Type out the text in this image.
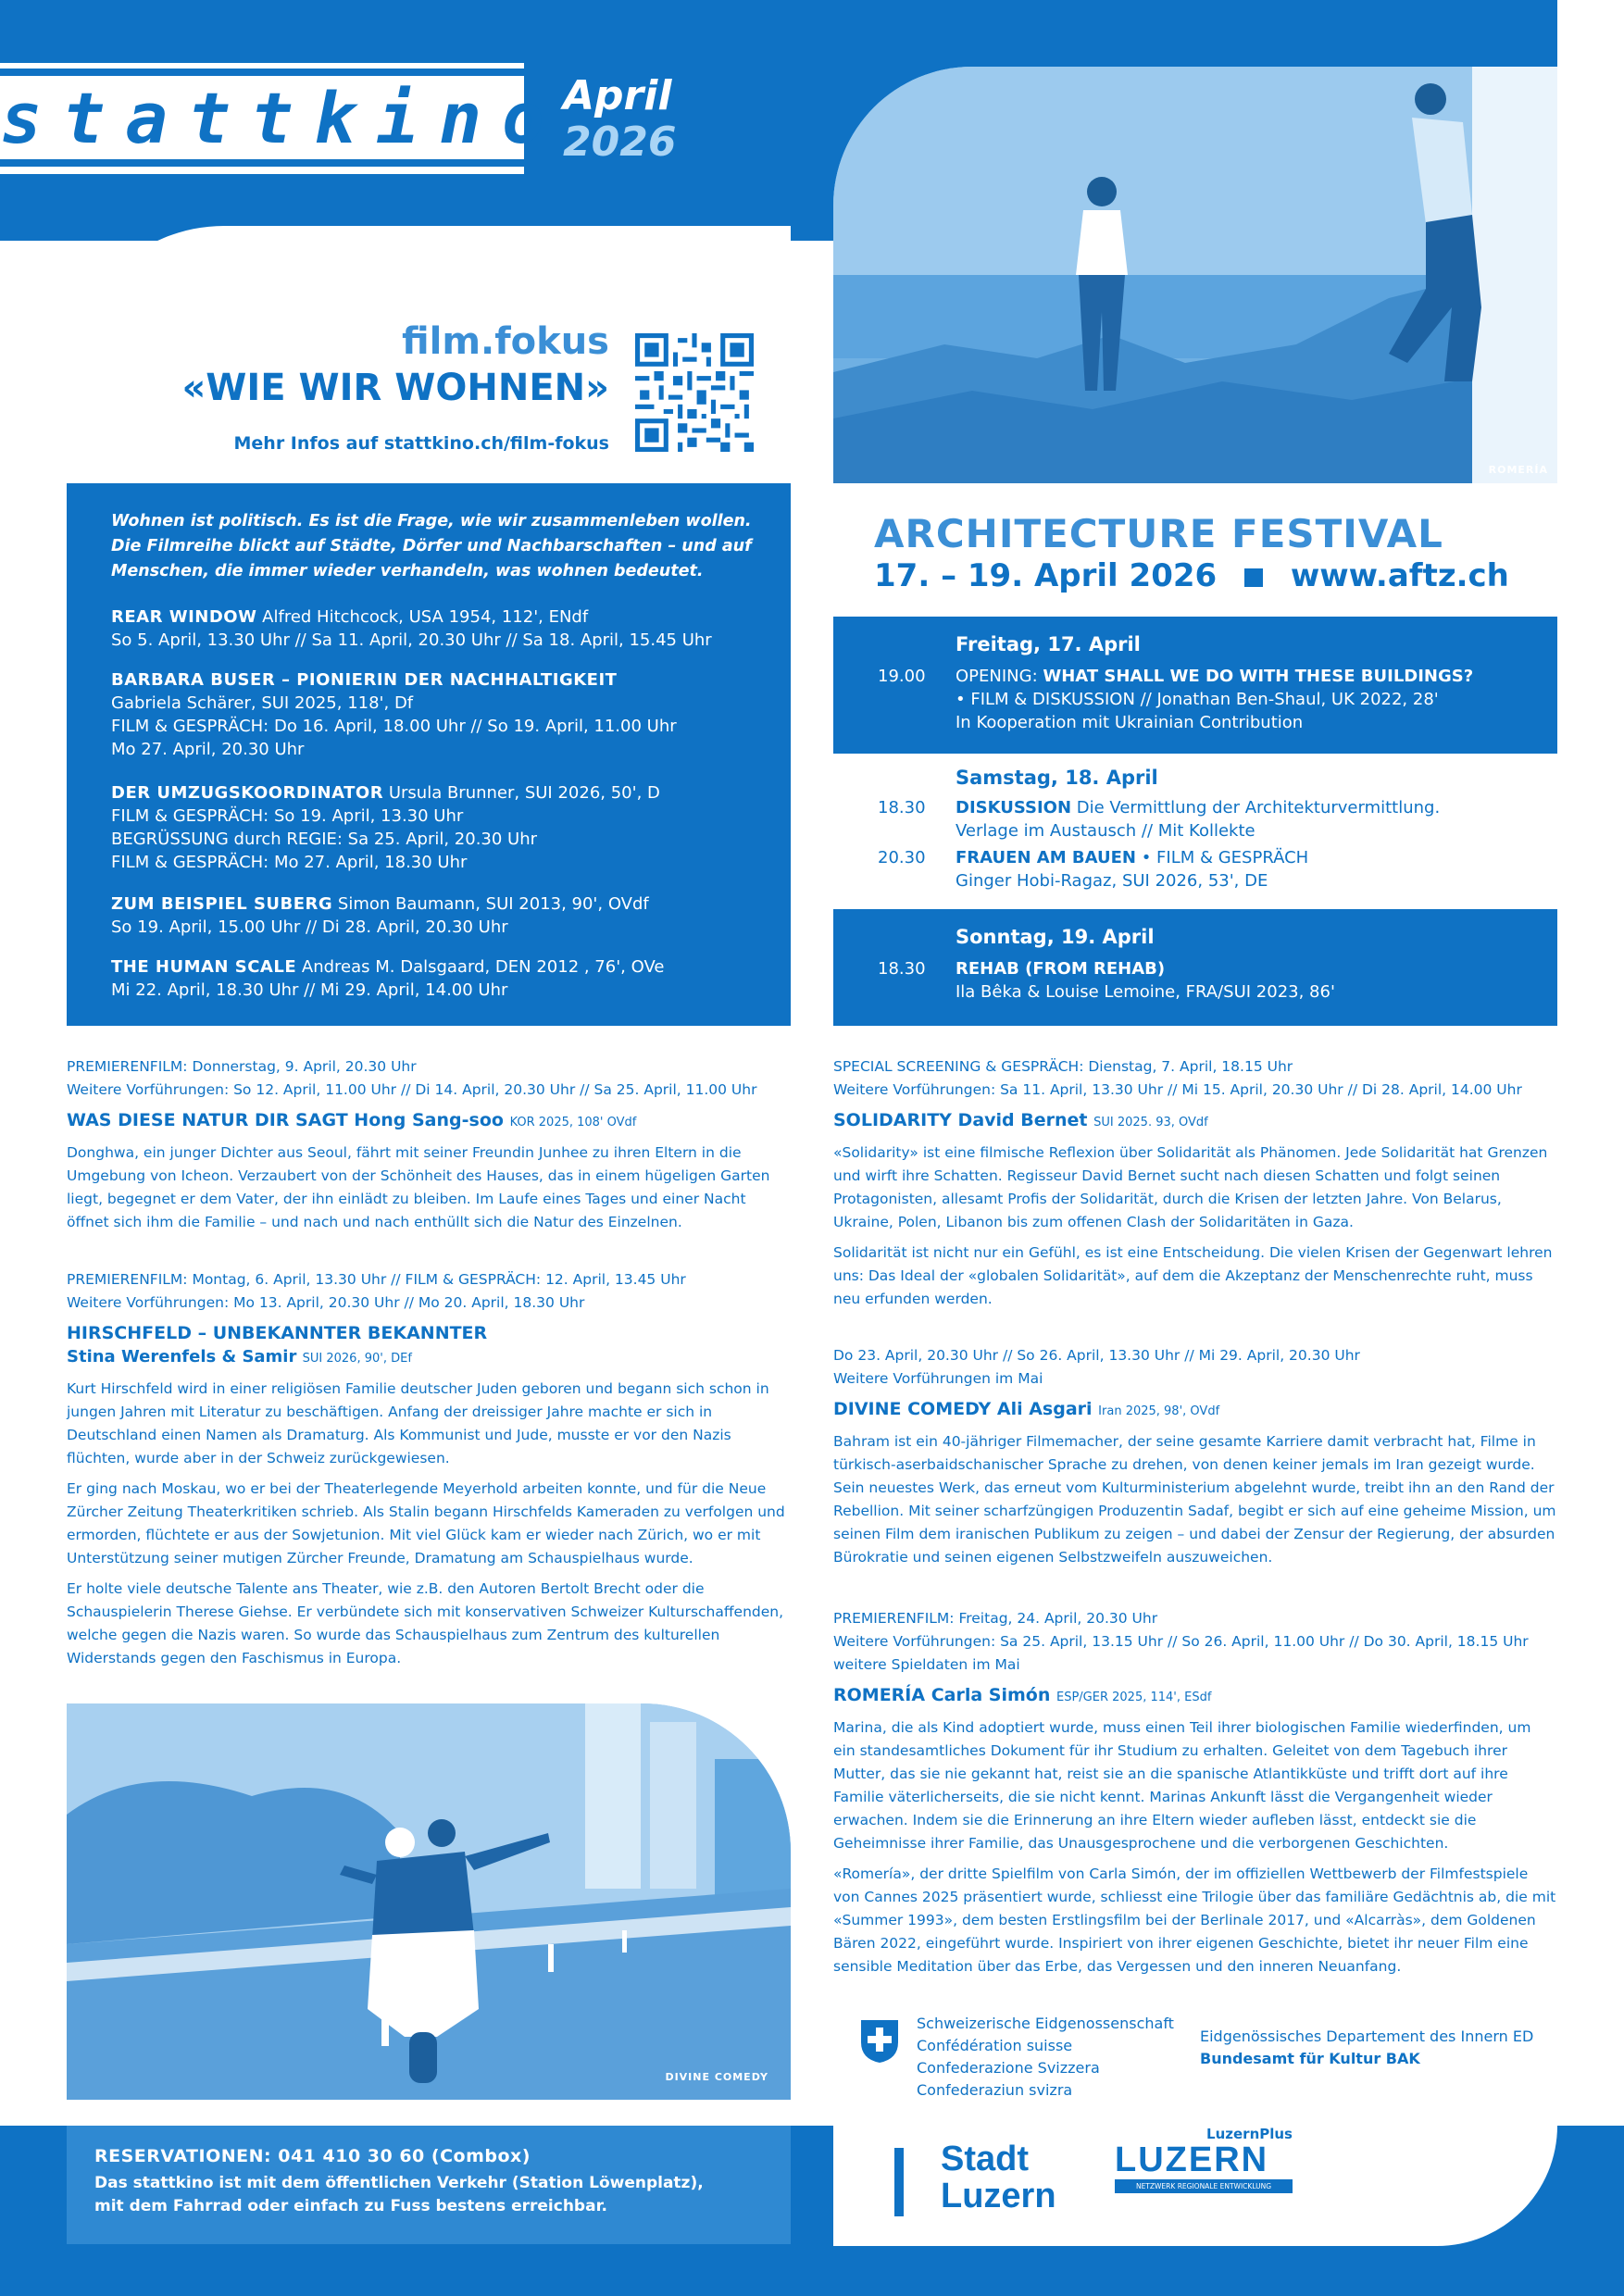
stattkino
April
2026
film.fokus
«WIE WIR WOHNEN»
Mehr Infos auf stattkino.ch/film-fokus
ROMERÍA
Wohnen ist politisch. Es ist die Frage, wie wir zusammenleben wollen.
Die Filmreihe blickt auf Städte, Dörfer und Nachbarschaften – und auf
Menschen, die immer wieder verhandeln, was wohnen bedeutet.
REAR WINDOW Alfred Hitchcock, USA 1954, 112', ENdf
So 5. April, 13.30 Uhr // Sa 11. April, 20.30 Uhr // Sa 18. April, 15.45 Uhr
BARBARA BUSER – PIONIERIN DER NACHHALTIGKEIT
Gabriela Schärer, SUI 2025, 118', Df
FILM & GESPRÄCH: Do 16. April, 18.00 Uhr // So 19. April, 11.00 Uhr
Mo 27. April, 20.30 Uhr
DER UMZUGSKOORDINATOR Ursula Brunner, SUI 2026, 50', D
FILM & GESPRÄCH: So 19. April, 13.30 Uhr
BEGRÜSSUNG durch REGIE: Sa 25. April, 20.30 Uhr
FILM & GESPRÄCH: Mo 27. April, 18.30 Uhr
ZUM BEISPIEL SUBERG Simon Baumann, SUI 2013, 90', OVdf
So 19. April, 15.00 Uhr // Di 28. April, 20.30 Uhr
THE HUMAN SCALE Andreas M. Dalsgaard, DEN 2012 , 76', OVe
Mi 22. April, 18.30 Uhr // Mi 29. April, 14.00 Uhr
ARCHITECTURE FESTIVAL
17. – 19. April 2026 www.aftz.ch
Freitag, 17. April
19.00 OPENING: WHAT SHALL WE DO WITH THESE BUILDINGS?
• FILM & DISKUSSION // Jonathan Ben-Shaul, UK 2022, 28'
In Kooperation mit Ukrainian Contribution
Samstag, 18. April
18.30 DISKUSSION Die Vermittlung der Architekturvermittlung.
Verlage im Austausch // Mit Kollekte
20.30 FRAUEN AM BAUEN • FILM & GESPRÄCH
Ginger Hobi-Ragaz, SUI 2026, 53', DE
Sonntag, 19. April
18.30 REHAB (FROM REHAB)
Ila Bêka & Louise Lemoine, FRA/SUI 2023, 86'

PREMIERENFILM: Donnerstag, 9. April, 20.30 Uhr

Weitere Vorführungen: So 12. April, 11.00 Uhr // Di 14. April, 20.30 Uhr // Sa 25. April, 11.00 Uhr

WAS DIESE NATUR DIR SAGT Hong Sang-soo KOR 2025, 108' OVdf

Donghwa, ein junger Dichter aus Seoul, fährt mit seiner Freundin Junhee zu ihren Eltern in die Umgebung von Icheon. Verzaubert von der Schönheit des Hauses, das in einem hügeligen Garten liegt, begegnet er dem Vater, der ihn einlädt zu bleiben. Im Laufe eines Tages und einer Nacht öffnet sich ihm die Familie – und nach und nach enthüllt sich die Natur des Einzelnen.

PREMIERENFILM: Montag, 6. April, 13.30 Uhr // FILM & GESPRÄCH: 12. April, 13.45 Uhr

Weitere Vorführungen: Mo 13. April, 20.30 Uhr // Mo 20. April, 18.30 Uhr

HIRSCHFELD – UNBEKANNTER BEKANNTER

Stina Werenfels & Samir SUI 2026, 90', DEf

Kurt Hirschfeld wird in einer religiösen Familie deutscher Juden geboren und begann sich schon in jungen Jahren mit Literatur zu beschäftigen. Anfang der dreissiger Jahre machte er sich in Deutschland einen Namen als Dramaturg. Als Kommunist und Jude, musste er vor den Nazis flüchten, wurde aber in der Schweiz zurückgewiesen.

Er ging nach Moskau, wo er bei der Theaterlegende Meyerhold arbeiten konnte, und für die Neue Zürcher Zeitung Theaterkritiken schrieb. Als Stalin begann Hirschfelds Kameraden zu verfolgen und ermorden, flüchtete er aus der Sowjetunion. Mit viel Glück kam er wieder nach Zürich, wo er mit Unterstützung seiner mutigen Zürcher Freunde, Dramatung am Schauspielhaus wurde.

Er holte viele deutsche Talente ans Theater, wie z.B. den Autoren Bertolt Brecht oder die Schauspielerin Therese Giehse. Er verbündete sich mit konservativen Schweizer Kulturschaffenden, welche gegen die Nazis waren. So wurde das Schauspielhaus zum Zentrum des kulturellen Widerstands gegen den Faschismus in Europa.

DIVINE COMEDY

SPECIAL SCREENING & GESPRÄCH: Dienstag, 7. April, 18.15 Uhr

Weitere Vorführungen: Sa 11. April, 13.30 Uhr // Mi 15. April, 20.30 Uhr // Di 28. April, 14.00 Uhr

SOLIDARITY David Bernet SUI 2025. 93, OVdf

«Solidarity» ist eine filmische Reflexion über Solidarität als Phänomen. Jede Solidarität hat Grenzen und wirft ihre Schatten. Regisseur David Bernet sucht nach diesen Schatten und folgt seinen Protagonisten, allesamt Profis der Solidarität, durch die Krisen der letzten Jahre. Von Belarus, Ukraine, Polen, Libanon bis zum offenen Clash der Solidaritäten in Gaza.

Solidarität ist nicht nur ein Gefühl, es ist eine Entscheidung. Die vielen Krisen der Gegenwart lehren uns: Das Ideal der «globalen Solidarität», auf dem die Akzeptanz der Menschenrechte ruht, muss neu erfunden werden.

Do 23. April, 20.30 Uhr // So 26. April, 13.30 Uhr // Mi 29. April, 20.30 Uhr

Weitere Vorführungen im Mai

DIVINE COMEDY Ali Asgari Iran 2025, 98', OVdf

Bahram ist ein 40-jähriger Filmemacher, der seine gesamte Karriere damit verbracht hat, Filme in türkisch-aserbaidschanischer Sprache zu drehen, von denen keiner jemals im Iran gezeigt wurde. Sein neuestes Werk, das erneut vom Kulturministerium abgelehnt wurde, treibt ihn an den Rand der Rebellion. Mit seiner scharfzüngigen Produzentin Sadaf, begibt er sich auf eine geheime Mission, um seinen Film dem iranischen Publikum zu zeigen – und dabei der Zensur der Regierung, der absurden Bürokratie und seinen eigenen Selbstzweifeln auszuweichen.

PREMIERENFILM: Freitag, 24. April, 20.30 Uhr

Weitere Vorführungen: Sa 25. April, 13.15 Uhr // So 26. April, 11.00 Uhr // Do 30. April, 18.15 Uhr

weitere Spieldaten im Mai

ROMERÍA Carla Simón ESP/GER 2025, 114', ESdf

Marina, die als Kind adoptiert wurde, muss einen Teil ihrer biologischen Familie wiederfinden, um ein standesamtliches Dokument für ihr Studium zu erhalten. Geleitet von dem Tagebuch ihrer Mutter, das sie nie gekannt hat, reist sie an die spanische Atlantikküste und trifft dort auf ihre Familie väterlicherseits, die sie nicht kennt. Marinas Ankunft lässt die Vergangenheit wieder erwachen. Indem sie die Erinnerung an ihre Eltern wieder aufleben lässt, entdeckt sie die Geheimnisse ihrer Familie, das Unausgesprochene und die verborgenen Geschichten.

«Romería», der dritte Spielfilm von Carla Simón, der im offiziellen Wettbewerb der Filmfestspiele von Cannes 2025 präsentiert wurde, schliesst eine Trilogie über das familiäre Gedächtnis ab, die mit «Summer 1993», dem besten Erstlingsfilm bei der Berlinale 2017, und «Alcarràs», dem Goldenen Bären 2022, eingeführt wurde. Inspiriert von ihrer eigenen Geschichte, bietet ihr neuer Film eine sensible Meditation über das Erbe, das Vergessen und den inneren Neuanfang.

Schweizerische Eidgenossenschaft
Confédération suisse
Confederazione Svizzera
Confederaziun svizra
Eidgenössisches Departement des Innern ED
Bundesamt für Kultur BAK
RESERVATIONEN: 041 410 30 60 (Combox)
Das stattkino ist mit dem öffentlichen Verkehr (Station Löwenplatz),
mit dem Fahrrad oder einfach zu Fuss bestens erreichbar.
Stadt
Luzern
LuzernPlus
LUZERN
NETZWERK REGIONALE ENTWICKLUNG
